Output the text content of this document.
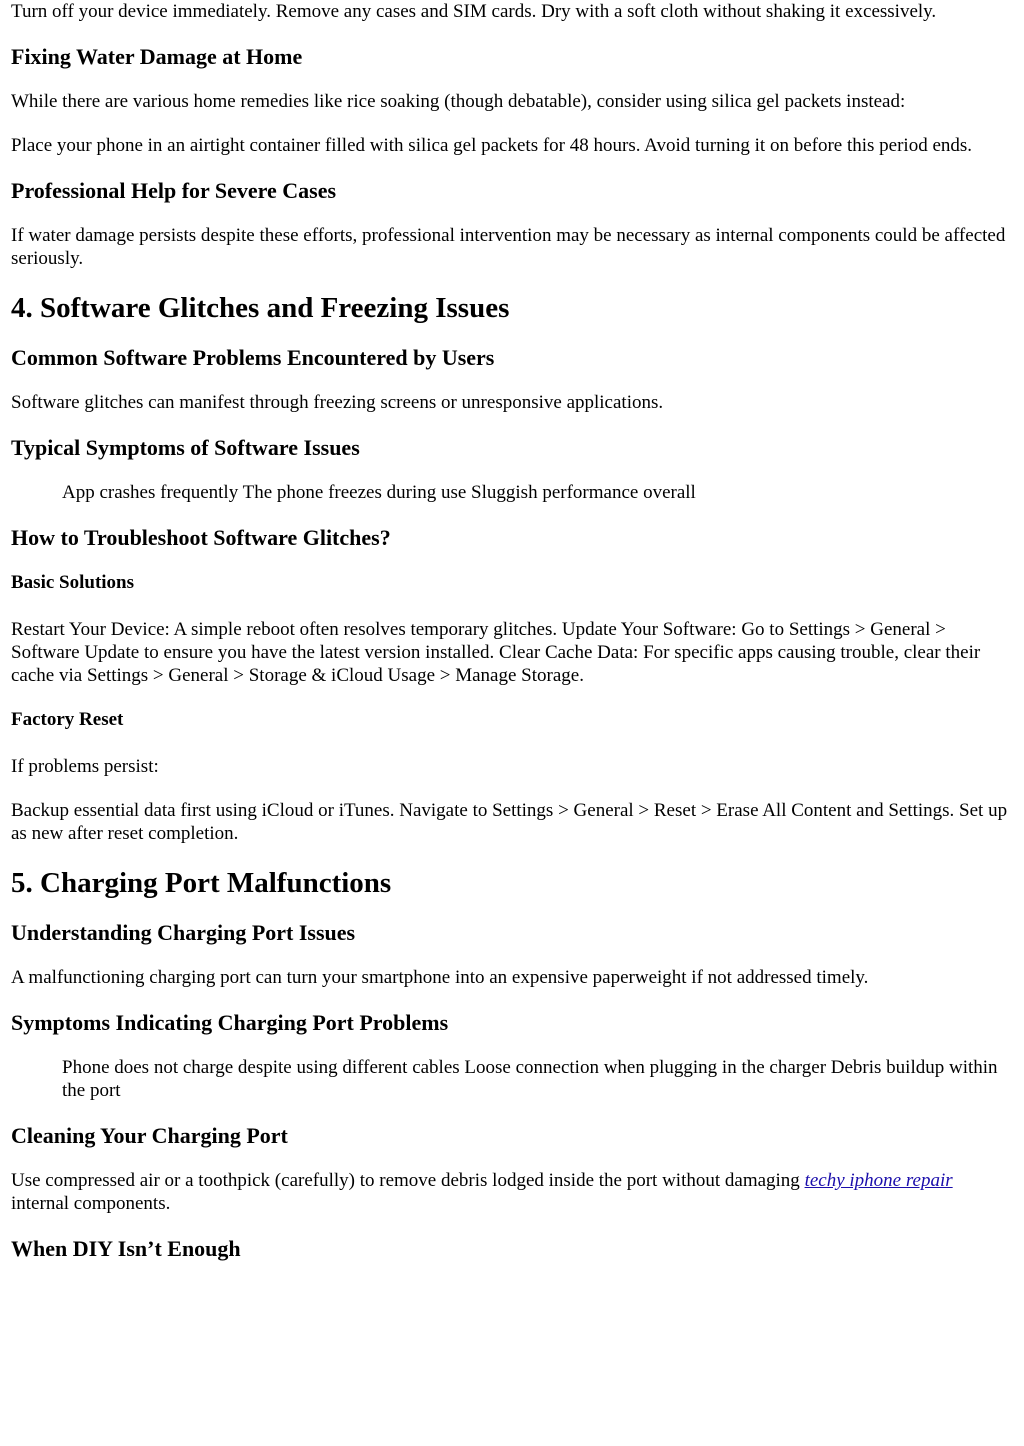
Turn off your device immediately. Remove any cases and SIM cards. Dry with a soft cloth without shaking it excessively.

Fixing Water Damage at Home

While there are various home remedies like rice soaking (though debatable), consider using silica gel packets instead:

Place your phone in an airtight container filled with silica gel packets for 48 hours. Avoid turning it on before this period ends.

Professional Help for Severe Cases

If water damage persists despite these efforts, professional intervention may be necessary as internal components could be affected seriously.

4. Software Glitches and Freezing Issues
Common Software Problems Encountered by Users

Software glitches can manifest through freezing screens or unresponsive applications.

Typical Symptoms of Software Issues

App crashes frequently The phone freezes during use Sluggish performance overall

How to Troubleshoot Software Glitches?
Basic Solutions

Restart Your Device: A simple reboot often resolves temporary glitches. Update Your Software: Go to Settings > General > Software Update to ensure you have the latest version installed. Clear Cache Data: For specific apps causing trouble, clear their cache via Settings > General > Storage & iCloud Usage > Manage Storage.

Factory Reset

If problems persist:

Backup essential data first using iCloud or iTunes. Navigate to Settings > General > Reset > Erase All Content and Settings. Set up as new after reset completion.

5. Charging Port Malfunctions
Understanding Charging Port Issues

A malfunctioning charging port can turn your smartphone into an expensive paperweight if not addressed timely.

Symptoms Indicating Charging Port Problems

Phone does not charge despite using different cables Loose connection when plugging in the charger Debris buildup within the port

Cleaning Your Charging Port

Use compressed air or a toothpick (carefully) to remove debris lodged inside the port without damaging techy iphone repair internal components.

When DIY Isn’t Enough
